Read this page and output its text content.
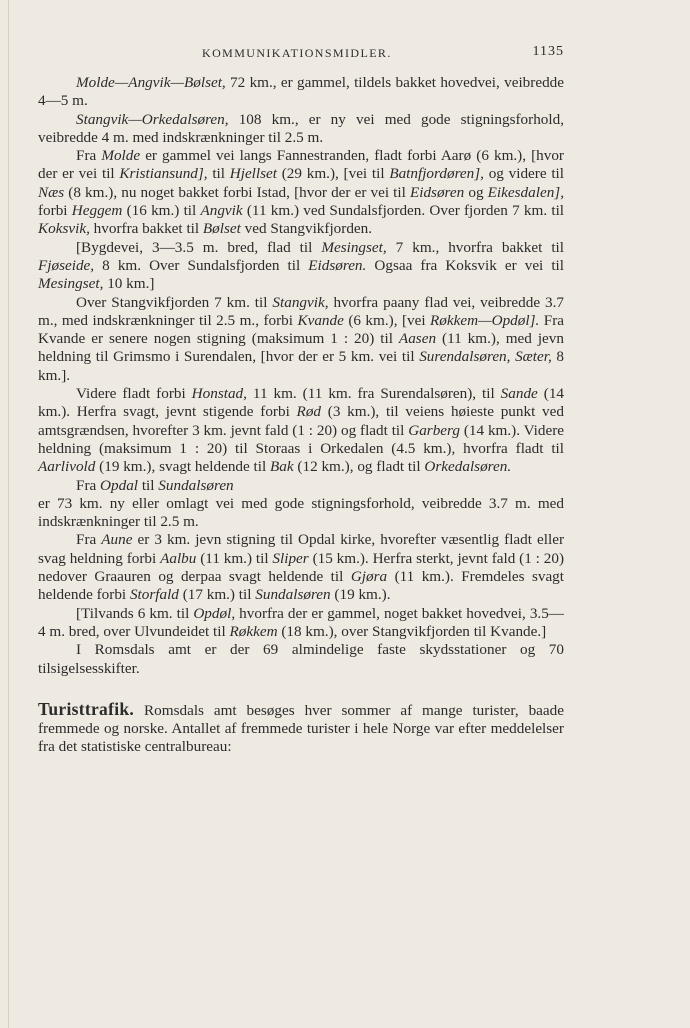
KOMMUNIKATIONSMIDLER.	1135

Molde—Angvik—Bølset, 72 km., er gammel, tildels bakket hovedvei, veibredde 4—5 m.

Stangvik—Orkedalsøren, 108 km., er ny vei med gode stigningsforhold, veibredde 4 m. med indskrænkninger til 2.5 m.

Fra Molde er gammel vei langs Fannestranden, fladt forbi Aarø (6 km.), [hvor der er vei til Kristiansund], til Hjellset (29 km.), [vei til Batnfjordøren], og videre til Næs (8 km.), nu noget bakket forbi Istad, [hvor der er vei til Eidsøren og Eikesdalen], forbi Heggem (16 km.) til Angvik (11 km.) ved Sundalsfjorden. Over fjorden 7 km. til Koksvik, hvorfra bakket til Bølset ved Stangvikfjorden.

[Bygdevei, 3—3.5 m. bred, flad til Mesingset, 7 km., hvorfra bakket til Fjøseide, 8 km. Over Sundalsfjorden til Eidsøren. Ogsaa fra Koksvik er vei til Mesingset, 10 km.]

Over Stangvikfjorden 7 km. til Stangvik, hvorfra paany flad vei, veibredde 3.7 m., med indskrænkninger til 2.5 m., forbi Kvande (6 km.), [vei Røkkem—Opdøl]. Fra Kvande er senere nogen stigning (maksimum 1 : 20) til Aasen (11 km.), med jevn heldning til Grimsmo i Surendalen, [hvor der er 5 km. vei til Surendalsøren, Sæter, 8 km.].

Videre fladt forbi Honstad, 11 km. (11 km. fra Surendalsøren), til Sande (14 km.). Herfra svagt, jevnt stigende forbi Rød (3 km.), til veiens høieste punkt ved amtsgrændsen, hvorefter 3 km. jevnt fald (1 : 20) og fladt til Garberg (14 km.). Videre heldning (maksimum 1 : 20) til Storaas i Orkedalen (4.5 km.), hvorfra fladt til Aarlivold (19 km.), svagt heldende til Bak (12 km.), og fladt til Orkedalsøren.

Fra Opdal til Sundalsøren

er 73 km. ny eller omlagt vei med gode stigningsforhold, veibredde 3.7 m. med indskrænkninger til 2.5 m.

Fra Aune er 3 km. jevn stigning til Opdal kirke, hvorefter væsentlig fladt eller svag heldning forbi Aalbu (11 km.) til Sliper (15 km.). Herfra sterkt, jevnt fald (1 : 20) nedover Graauren og derpaa svagt heldende til Gjøra (11 km.). Fremdeles svagt heldende forbi Storfald (17 km.) til Sundalsøren (19 km.).

[Tilvands 6 km. til Opdøl, hvorfra der er gammel, noget bakket hovedvei, 3.5—4 m. bred, over Ulvundeidet til Røkkem (18 km.), over Stangvikfjorden til Kvande.]

I Romsdals amt er der 69 almindelige faste skydsstationer og 70 tilsigelsesskifter.

Turisttrafik. Romsdals amt besøges hver sommer af mange turister, baade fremmede og norske. Antallet af fremmede turister i hele Norge var efter meddelelser fra det statistiske centralbureau:
